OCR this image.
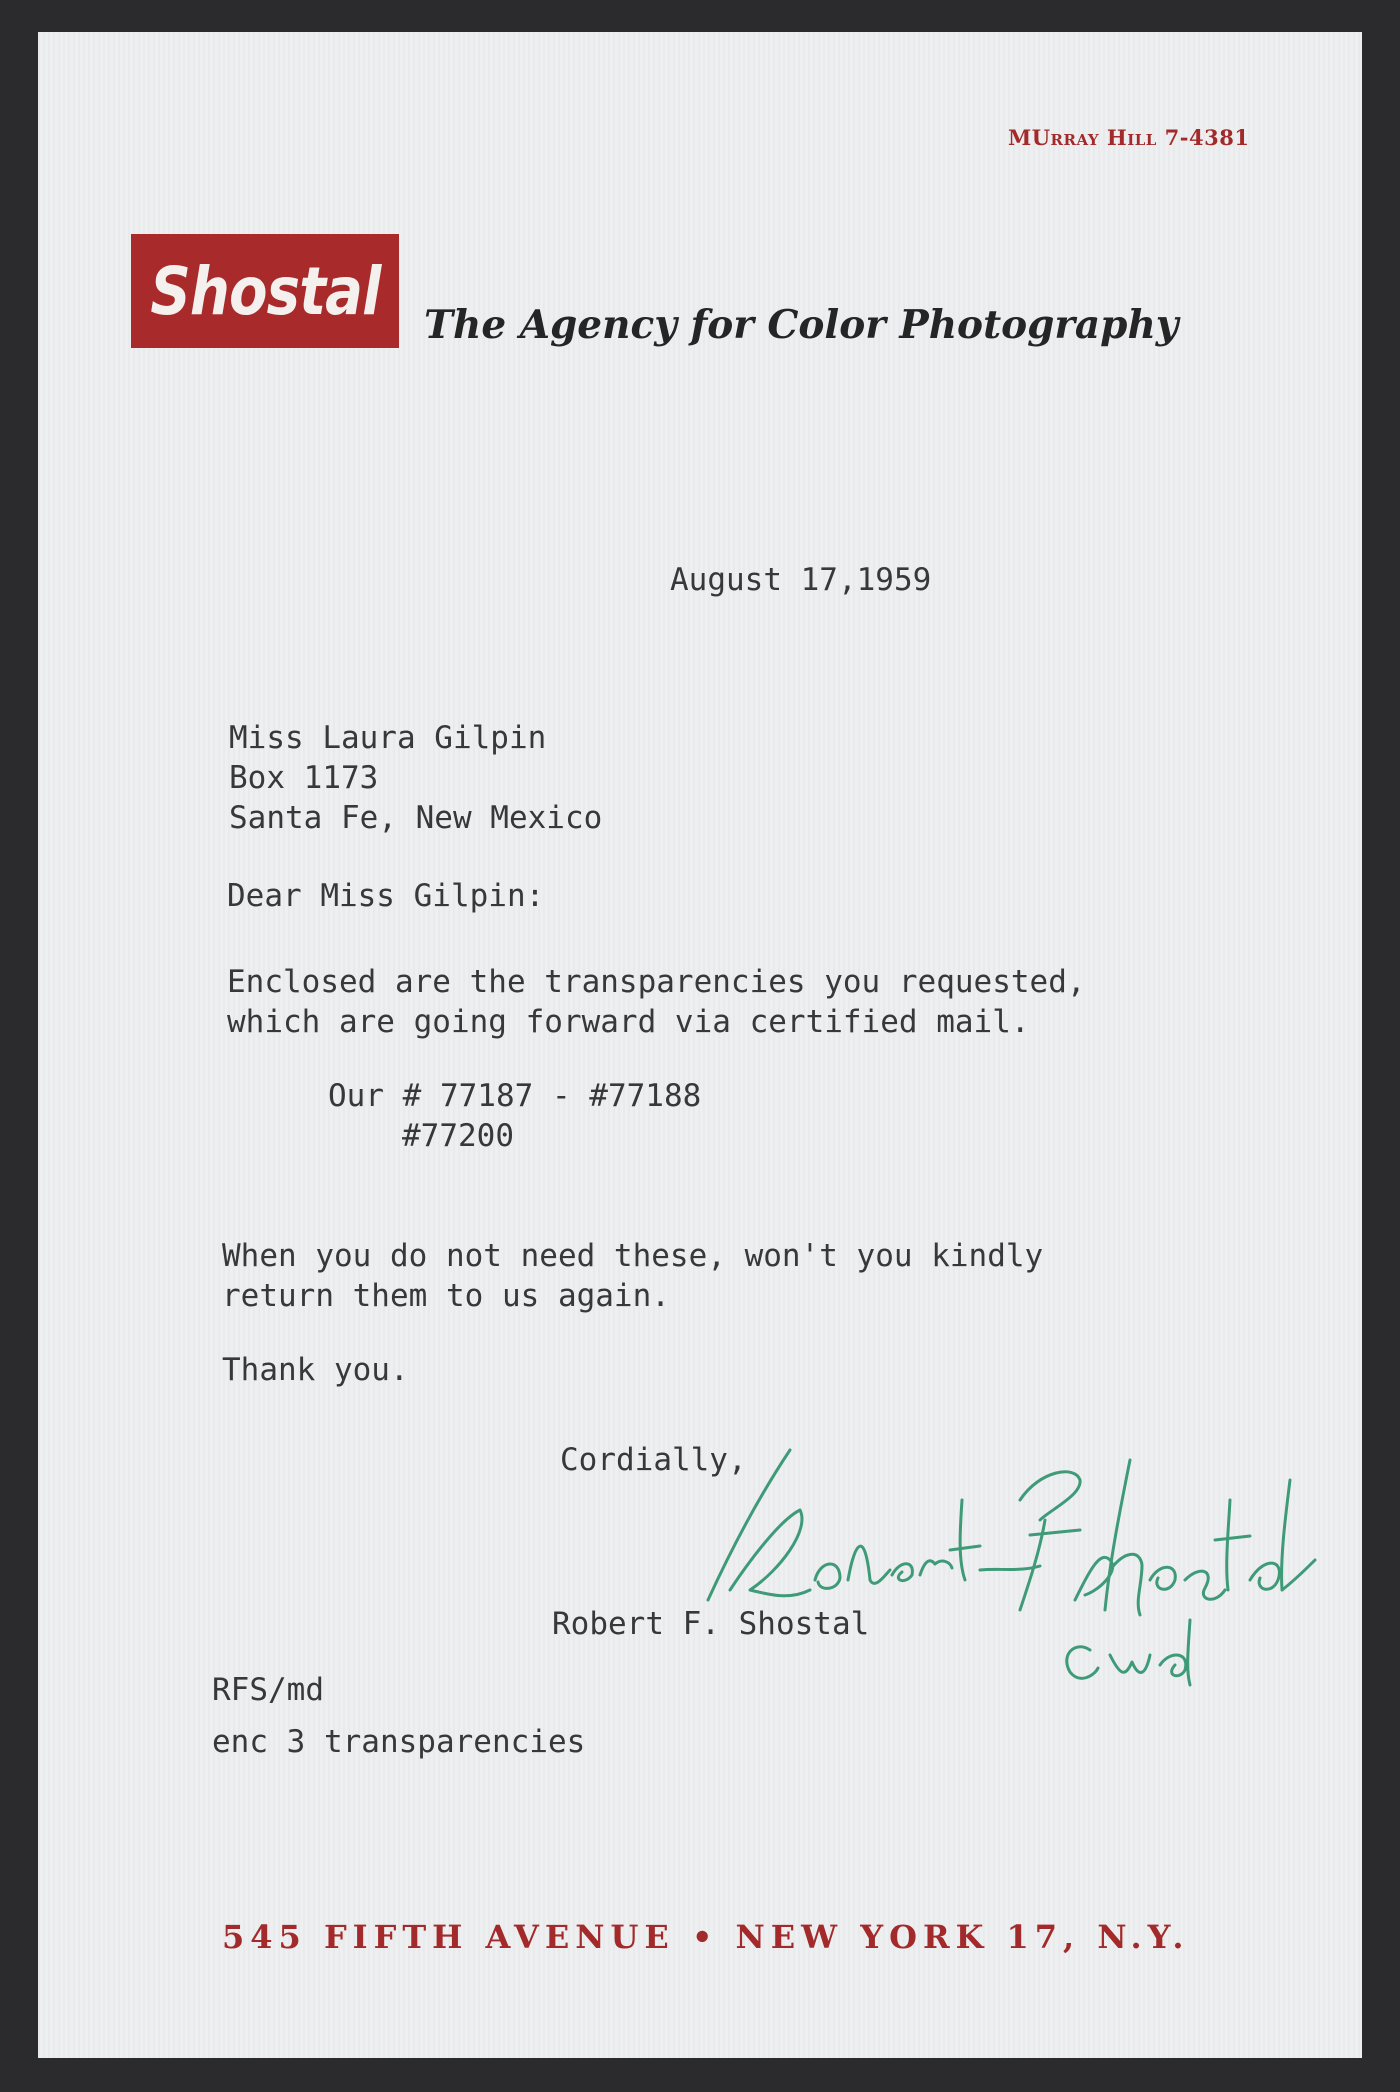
MUrray Hill 7-4381
Shostal The Agency for Color Photography
August 17,1959
Miss Laura Gilpin
Box 1173
Santa Fe, New Mexico
Dear Miss Gilpin:
Enclosed are the transparencies you requested,
which are going forward via certified mail.
Our # 77187 - #77188
#77200
When you do not need these, won't you kindly
return them to us again.
Thank you.
Cordially,
Robert F. Shostal
RFS/md
enc 3 transparencies
545 FIFTH AVENUE • NEW YORK 17, N.Y.
